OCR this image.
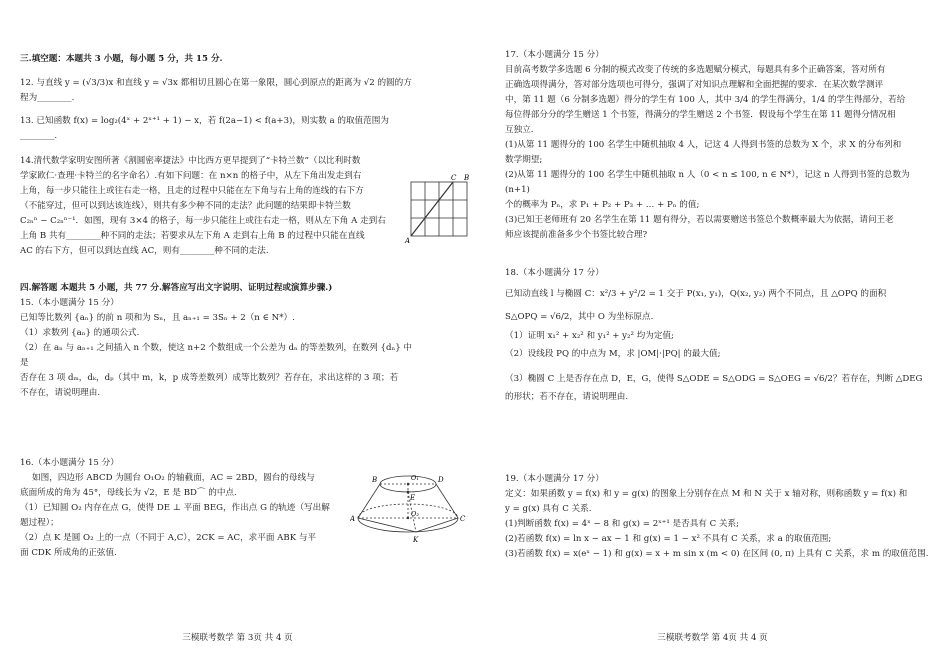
三.填空题：本题共 3 小题，每小题 5 分，共 15 分.

12. 与直线 y = (√3/3)x 和直线 y = √3x 都相切且圆心在第一象限，圆心到原点的距离为 √2 的圆的方程为________.

13. 已知函数 f(x) = log₂(4ˣ + 2ˣ⁺¹ + 1) − x，若 f(2a−1) < f(a+3)，则实数 a 的取值范围为________.

14.清代数学家明安图所著《割圆密率捷法》中比西方更早提到了“卡特兰数”（以比利时数
学家欧仁·查理·卡特兰的名字命名）.有如下问题：在 n×n 的格子中，从左下角出发走到右
上角，每一步只能往上或往右走一格，且走的过程中只能在左下角与右上角的连线的右下方
（不能穿过，但可以到达该连线），则共有多少种不同的走法？此问题的结果即卡特兰数
C₂ₙⁿ − C₂ₙⁿ⁻¹．如图，现有 3×4 的格子，每一步只能往上或往右走一格，则从左下角 A 走到右
上角 B 共有________种不同的走法；若要求从左下角 A 走到右上角 B 的过程中只能在直线
AC 的右下方，但可以到达直线 AC，则有________种不同的走法.
A
B
C

四.解答题 本题共 5 小题，共 77 分.解答应写出文字说明、证明过程或演算步骤.)

15.（本小题满分 15 分）
已知等比数列 {aₙ} 的前 n 项和为 Sₙ，且 aₙ₊₁ = 3Sₙ + 2（n ∈ N*）.
（1）求数列 {aₙ} 的通项公式.
（2）在 aₙ 与 aₙ₊₁ 之间插入 n 个数，使这 n+2 个数组成一个公差为 dₙ 的等差数列，在数列 {dₙ} 中是
否存在 3 项 dₘ，dₖ，dₚ（其中 m，k，p 成等差数列）成等比数列？若存在，求出这样的 3 项；若
不存在，请说明理由.
16.（本小题满分 15 分）
如图，四边形 ABCD 为圆台 O₁O₂ 的轴截面，AC = 2BD，圆台的母线与
底面所成的角为 45°，母线长为 √2，E 是 BD⌒ 的中点.
（1）已知圆 O₂ 内存在点 G，使得 DE ⊥ 平面 BEG，作出点 G 的轨迹（写出解
题过程）；
（2）点 K 是圆 O₂ 上的一点（不同于 A,C），2CK = AC，求平面 ABK 与平
面 CDK 所成角的正弦值.
A
B
C
D
E
K
O₁
O₂
三模联考数学 第 3页 共 4 页
17.（本小题满分 15 分）
目前高考数学多选题 6 分制的模式改变了传统的多选题赋分模式，每题具有多个正确答案，答对所有
正确选项得满分，答对部分选项也可得分，强调了对知识点理解和全面把握的要求．在某次数学测评
中，第 11 题（6 分制多选题）得分的学生有 100 人，其中 3/4 的学生得满分，1/4 的学生得部分，若给
每位得部分分的学生赠送 1 个书签，得满分的学生赠送 2 个书签．假设每个学生在第 11 题得分情况相
互独立.
(1)从第 11 题得分的 100 名学生中随机抽取 4 人，记这 4 人得到书签的总数为 X 个，求 X 的分布列和
数学期望;
(2)从第 11 题得分的 100 名学生中随机抽取 n 人（0 < n ≤ 100, n ∈ N*），记这 n 人得到书签的总数为 (n+1)
个的概率为 Pₙ，求 P₁ + P₂ + P₃ + … + Pₙ 的值;
(3)已知王老师班有 20 名学生在第 11 题有得分，若以需要赠送书签总个数概率最大为依据，请问王老
师应该提前准备多少个书签比较合理?
18.（本小题满分 17 分）
已知动直线 l 与椭圆 C：x²/3 + y²/2 = 1 交于 P(x₁, y₁)，Q(x₂, y₂) 两个不同点，且 △OPQ 的面积
S△OPQ = √6/2，其中 O 为坐标原点.
（1）证明 x₁² + x₂² 和 y₁² + y₂² 均为定值;
（2）设线段 PQ 的中点为 M，求 |OM|·|PQ| 的最大值;
（3）椭圆 C 上是否存在点 D，E，G，使得 S△ODE = S△ODG = S△OEG = √6/2？若存在，判断 △DEG
的形状；若不存在，请说明理由.
19.（本小题满分 17 分）
定义：如果函数 y = f(x) 和 y = g(x) 的图象上分别存在点 M 和 N 关于 x 轴对称，则称函数 y = f(x) 和
y = g(x) 具有 C 关系.
(1)判断函数 f(x) = 4ˣ − 8 和 g(x) = 2ˣ⁺¹ 是否具有 C 关系;
(2)若函数 f(x) = ln x − ax − 1 和 g(x) = 1 − x² 不具有 C 关系，求 a 的取值范围;
(3)若函数 f(x) = x(eˣ − 1) 和 g(x) = x + m sin x (m < 0) 在区间 (0, π) 上具有 C 关系，求 m 的取值范围.
三模联考数学 第 4页 共 4 页
